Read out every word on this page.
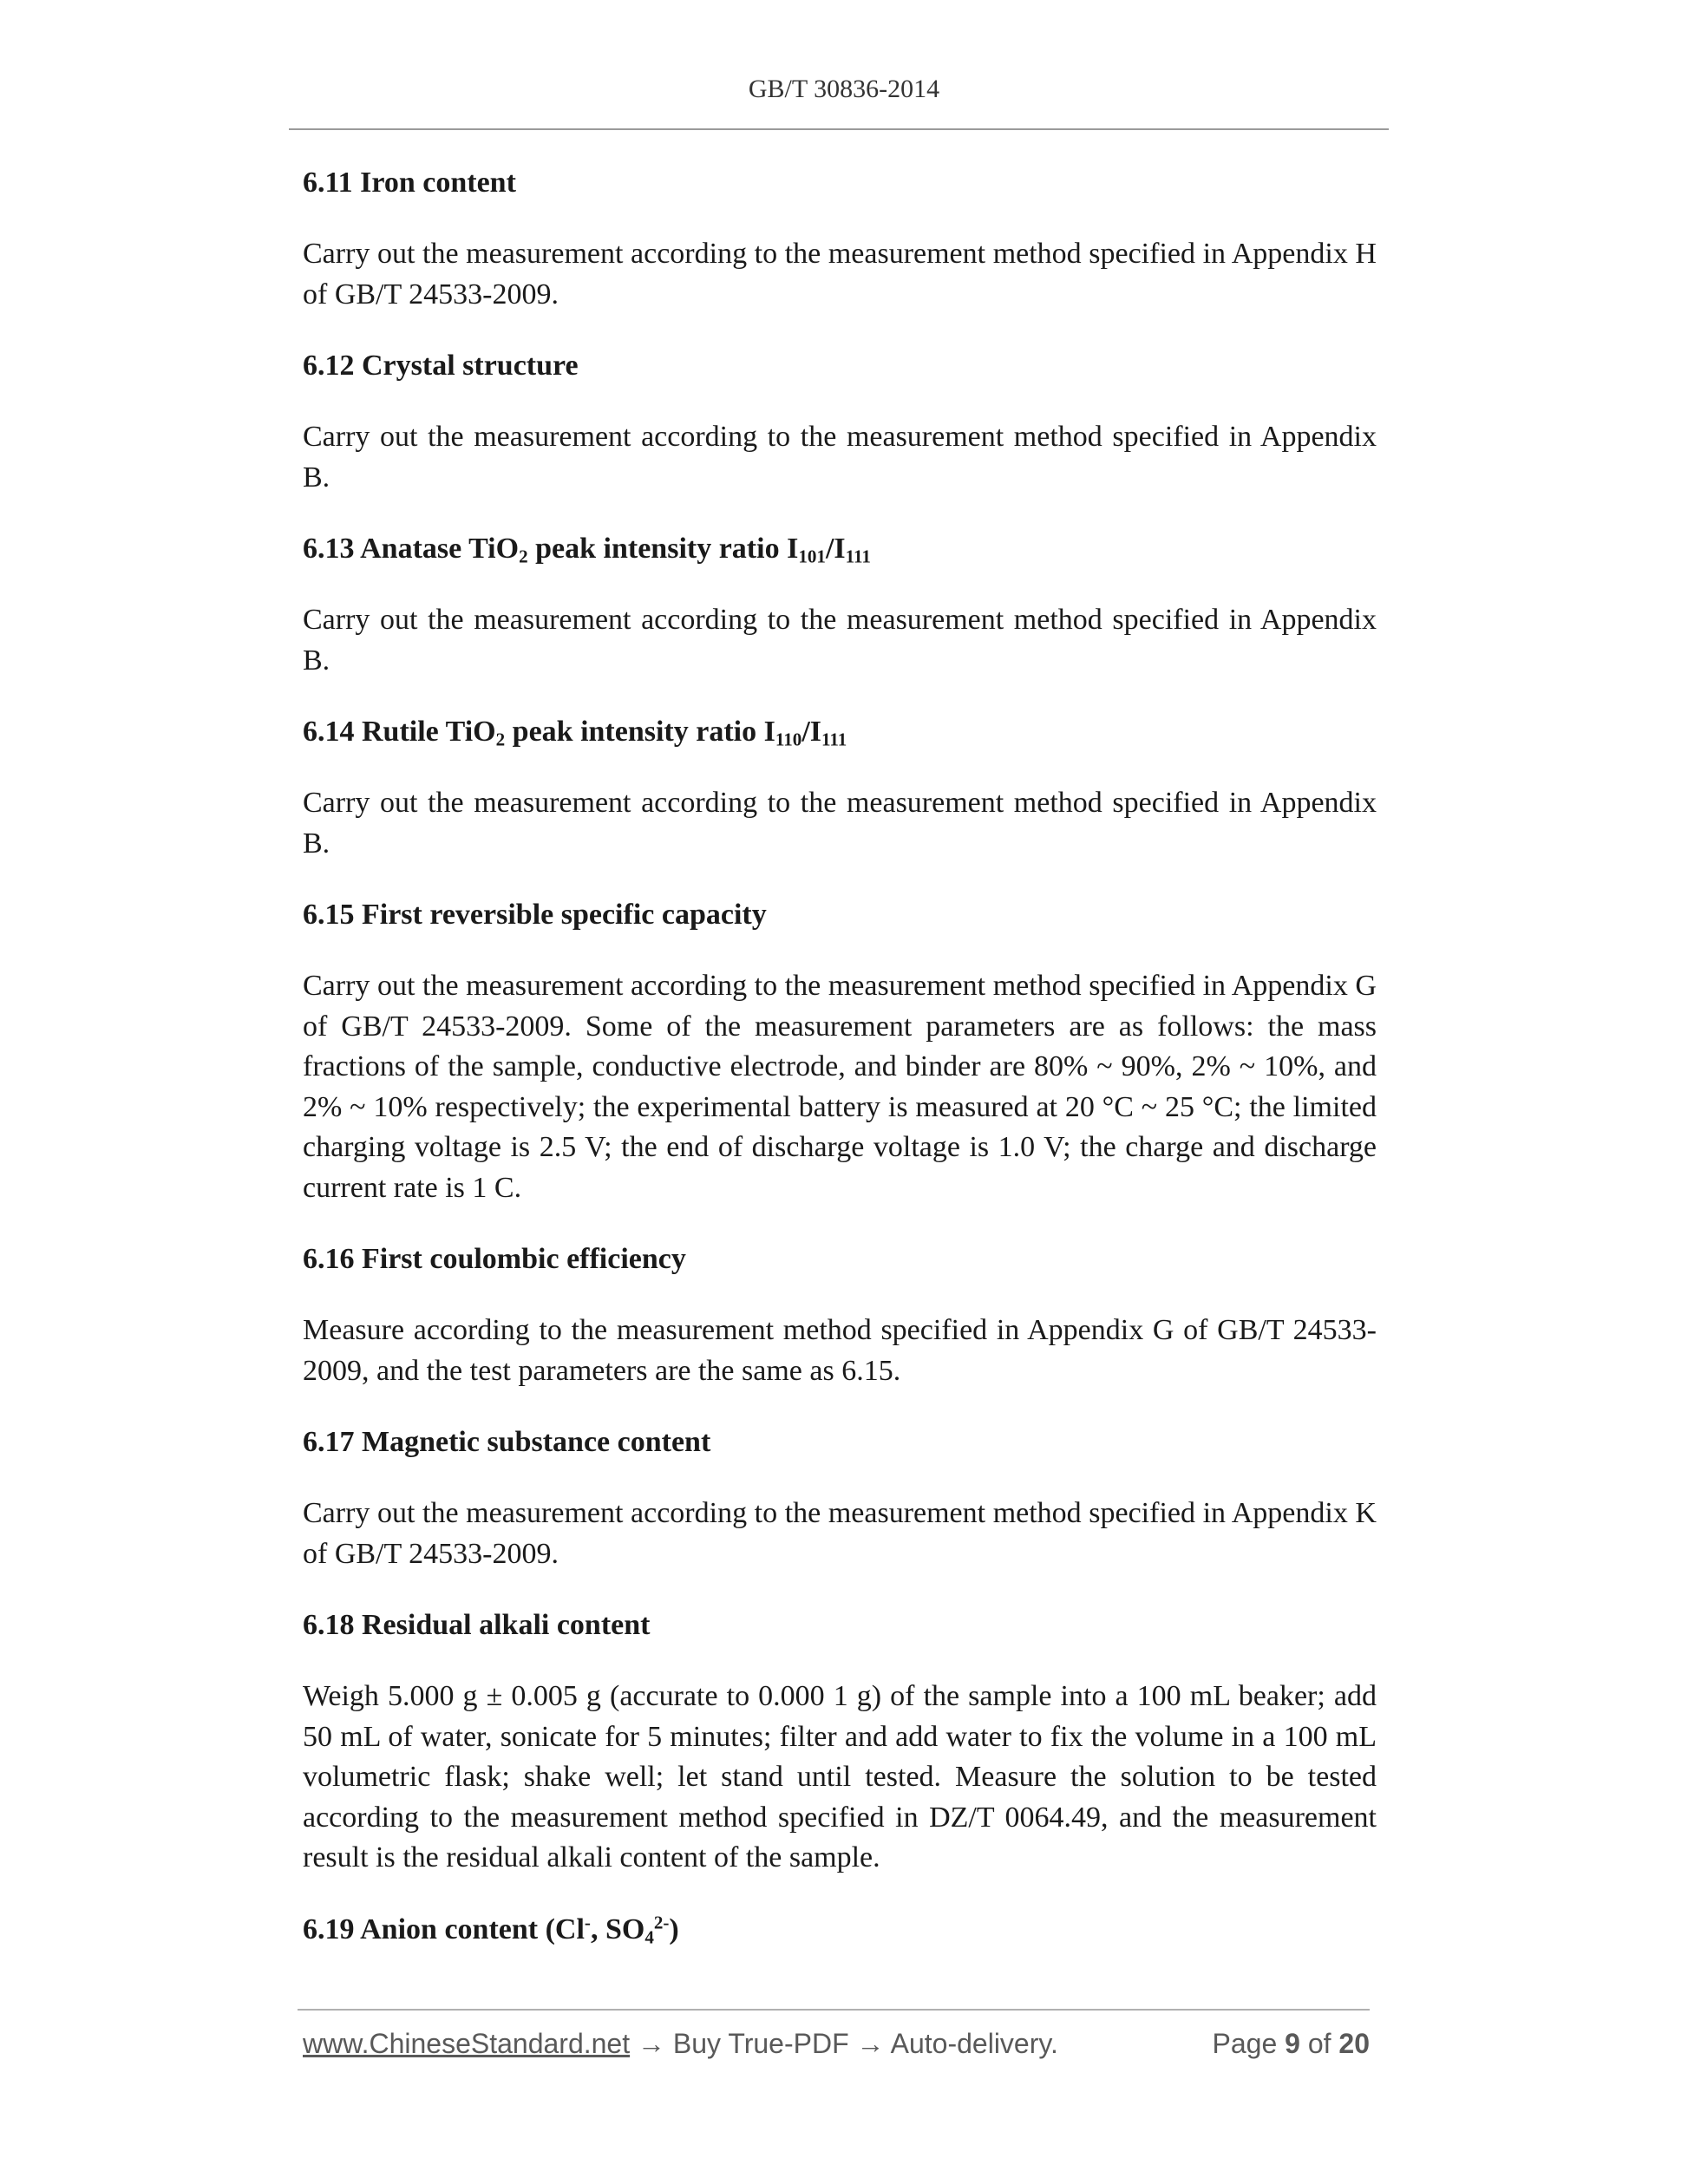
GB/T 30836-2014
6.11 Iron content
Carry out the measurement according to the measurement method specified in Appendix H of GB/T 24533-2009.
6.12 Crystal structure
Carry out the measurement according to the measurement method specified in Appendix B.
6.13 Anatase TiO$_2$ peak intensity ratio $I_{101}/I_{111}$
Carry out the measurement according to the measurement method specified in Appendix B.
6.14 Rutile TiO$_2$ peak intensity ratio $I_{110}/I_{111}$
Carry out the measurement according to the measurement method specified in Appendix B.
6.15 First reversible specific capacity
Carry out the measurement according to the measurement method specified in Appendix G of GB/T 24533-2009. Some of the measurement parameters are as follows: the mass fractions of the sample, conductive electrode, and binder are 80% ~ 90%, 2% ~ 10%, and 2% ~ 10% respectively; the experimental battery is measured at 20 °C ~ 25 °C; the limited charging voltage is 2.5 V; the end of discharge voltage is 1.0 V; the charge and discharge current rate is 1 C.
6.16 First coulombic efficiency
Measure according to the measurement method specified in Appendix G of GB/T 24533-2009, and the test parameters are the same as 6.15.
6.17 Magnetic substance content
Carry out the measurement according to the measurement method specified in Appendix K of GB/T 24533-2009.
6.18 Residual alkali content
Weigh 5.000 g ± 0.005 g (accurate to 0.000 1 g) of the sample into a 100 mL beaker; add 50 mL of water, sonicate for 5 minutes; filter and add water to fix the volume in a 100 mL volumetric flask; shake well; let stand until tested. Measure the solution to be tested according to the measurement method specified in DZ/T 0064.49, and the measurement result is the residual alkali content of the sample.
6.19 Anion content (Cl-, $SO_4^{2-}$)
www.ChineseStandard.net → Buy True-PDF → Auto-delivery.	Page 9 of 20
